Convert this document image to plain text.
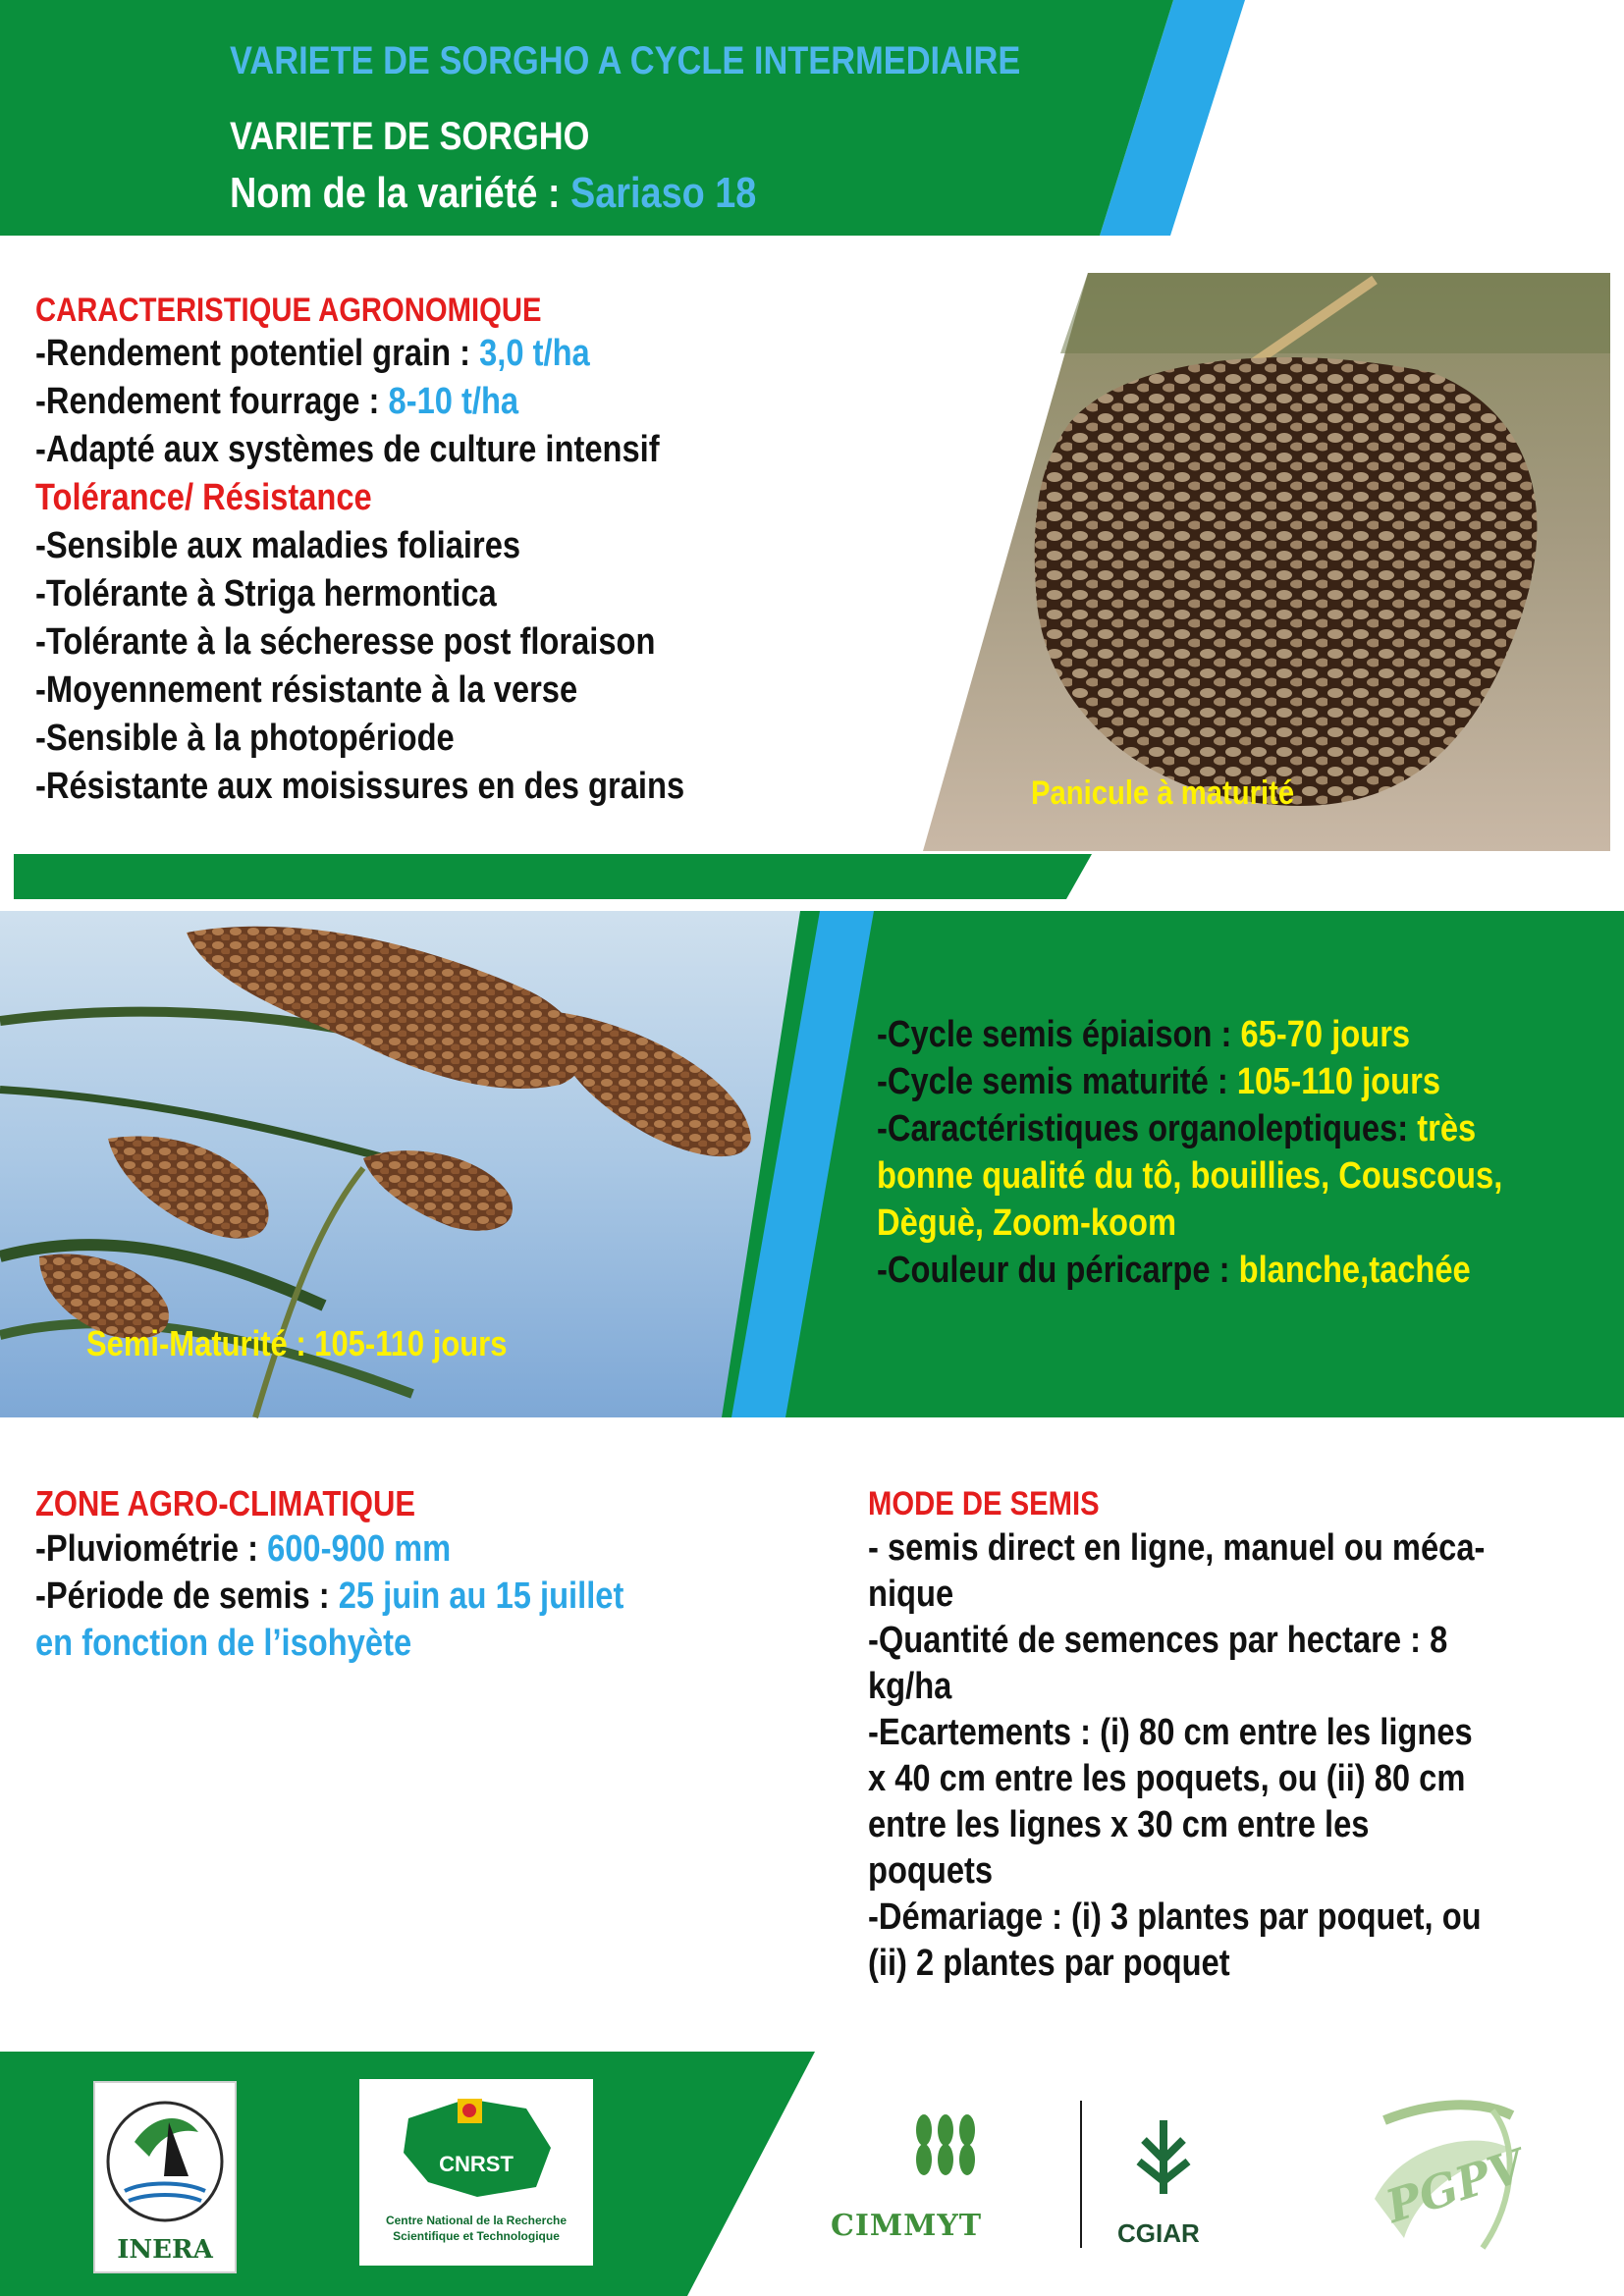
VARIETE DE SORGHO A CYCLE INTERMEDIAIRE
VARIETE DE SORGHO
Nom de la variété : Sariaso 18
Panicule à maturité
CARACTERISTIQUE AGRONOMIQUE
-Rendement potentiel grain : 3,0 t/ha
-Rendement fourrage : 8-10 t/ha
-Adapté aux systèmes de culture intensif
Tolérance/ Résistance
-Sensible aux maladies foliaires
-Tolérante à Striga hermontica
-Tolérante à la sécheresse post floraison
-Moyennement résistante à la verse
-Sensible à la photopériode
-Résistante aux moisissures en des grains
Semi-Maturité : 105-110 jours
-Cycle semis épiaison : 65-70 jours
-Cycle semis maturité : 105-110 jours
-Caractéristiques organoleptiques: très
bonne qualité du tô, bouillies, Couscous,
Dèguè, Zoom-koom
-Couleur du péricarpe : blanche,tachée
ZONE AGRO-CLIMATIQUE
-Pluviométrie : 600-900 mm
-Période de semis : 25 juin au 15 juillet
en fonction de l’isohyète
MODE DE SEMIS
- semis direct en ligne, manuel ou méca-
nique
-Quantité de semences par hectare : 8
kg/ha
-Ecartements : (i) 80 cm entre les lignes
x 40 cm entre les poquets, ou (ii) 80 cm
entre les lignes x 30 cm entre les
poquets
-Démariage : (i) 3 plantes par poquet, ou
(ii) 2 plantes par poquet
INERA
CNRST
Centre National de la Recherche Scientifique et Technologique	CIMMYT	CGIAR
PGPV
